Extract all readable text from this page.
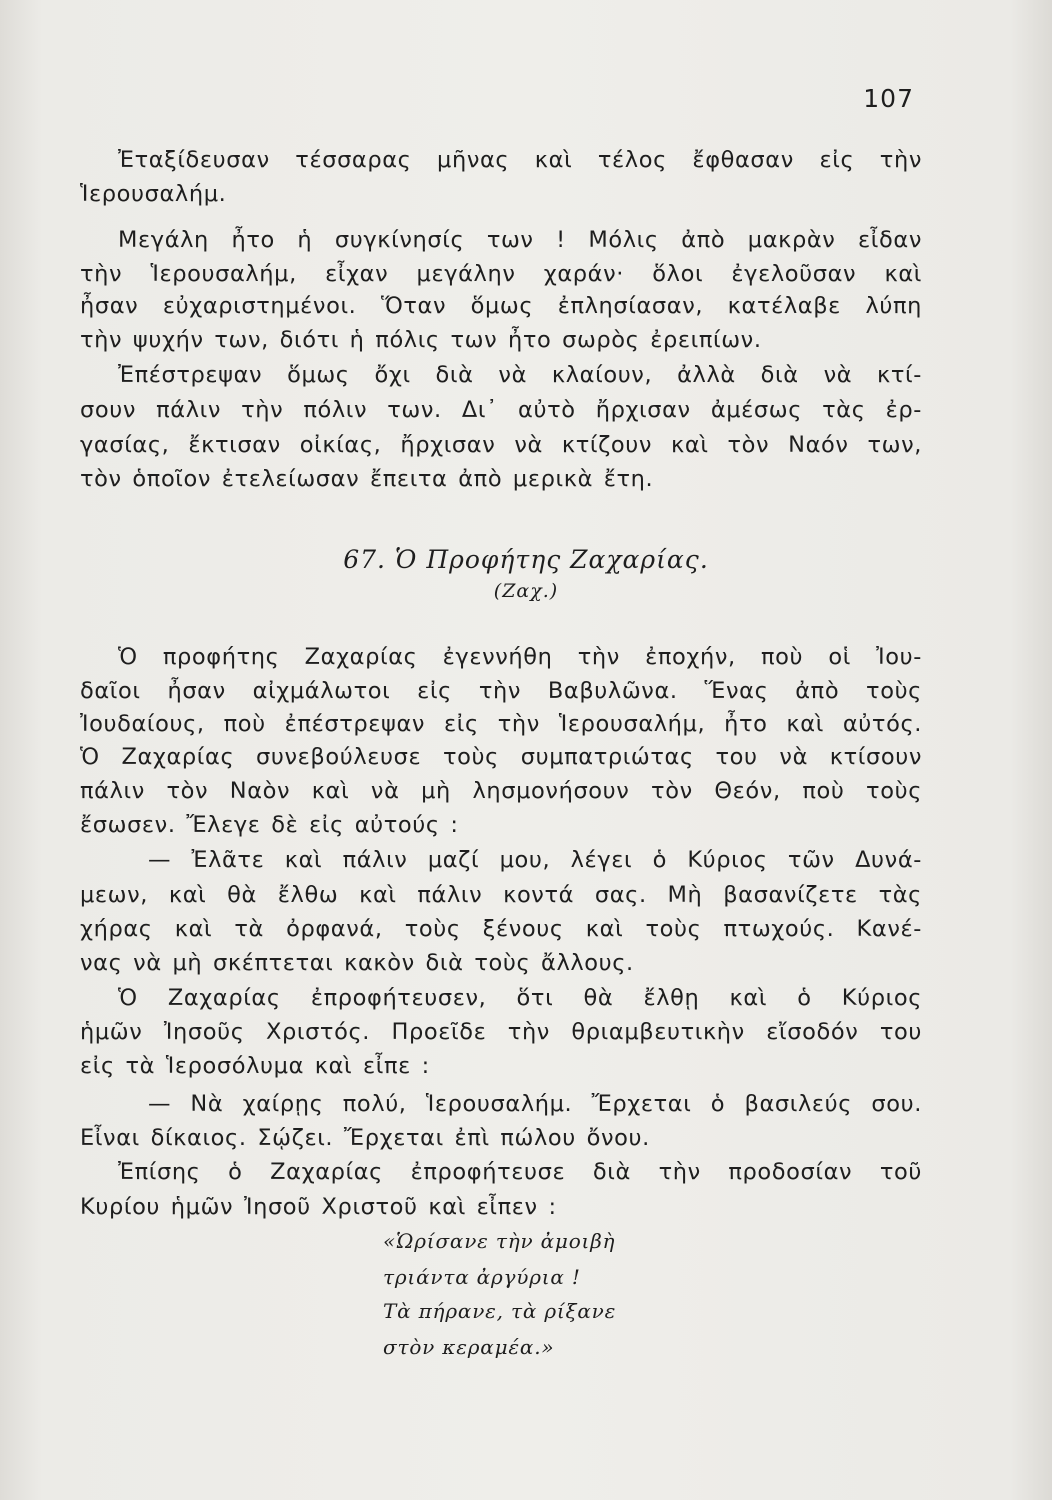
107
Ἐταξίδευσαν τέσσαρας μῆνας καὶ τέλος ἔφθασαν εἰς τὴν
Ἱερουσαλήμ.
Μεγάλη ἦτο ἡ συγκίνησίς των ! Μόλις ἀπὸ μακρὰν εἶδαν
τὴν Ἱερουσαλήμ, εἶχαν μεγάλην χαράν· ὅλοι ἐγελοῦσαν καὶ
ἦσαν εὐχαριστημένοι. Ὅταν ὅμως ἐπλησίασαν, κατέλαβε λύπη
τὴν ψυχήν των, διότι ἡ πόλις των ἦτο σωρὸς ἐρειπίων.
Ἐπέστρεψαν ὅμως ὄχι διὰ νὰ κλαίουν, ἀλλὰ διὰ νὰ κτί-
σουν πάλιν τὴν πόλιν των. Δι᾿ αὐτὸ ἤρχισαν ἀμέσως τὰς ἐρ-
γασίας, ἔκτισαν οἰκίας, ἤρχισαν νὰ κτίζουν καὶ τὸν Ναόν των,
τὸν ὁποῖον ἐτελείωσαν ἔπειτα ἀπὸ μερικὰ ἔτη.
67. Ὁ Προφήτης Ζαχαρίας.
(Ζαχ.)
Ὁ προφήτης Ζαχαρίας ἐγεννήθη τὴν ἐποχήν, ποὺ οἱ Ἰου-
δαῖοι ἦσαν αἰχμάλωτοι εἰς τὴν Βαβυλῶνα. Ἕνας ἀπὸ τοὺς
Ἰουδαίους, ποὺ ἐπέστρεψαν εἰς τὴν Ἱερουσαλήμ, ἦτο καὶ αὐτός.
Ὁ Ζαχαρίας συνεβούλευσε τοὺς συμπατριώτας του νὰ κτίσουν
πάλιν τὸν Ναὸν καὶ νὰ μὴ λησμονήσουν τὸν Θεόν, ποὺ τοὺς
ἔσωσεν. Ἔλεγε δὲ εἰς αὐτούς :
— Ἐλᾶτε καὶ πάλιν μαζί μου, λέγει ὁ Κύριος τῶν Δυνά-
μεων, καὶ θὰ ἔλθω καὶ πάλιν κοντά σας. Μὴ βασανίζετε τὰς
χήρας καὶ τὰ ὀρφανά, τοὺς ξένους καὶ τοὺς πτωχούς. Κανέ-
νας νὰ μὴ σκέπτεται κακὸν διὰ τοὺς ἄλλους.
Ὁ Ζαχαρίας ἐπροφήτευσεν, ὅτι θὰ ἔλθῃ καὶ ὁ Κύριος
ἡμῶν Ἰησοῦς Χριστός. Προεῖδε τὴν θριαμβευτικὴν εἴσοδόν του
εἰς τὰ Ἱεροσόλυμα καὶ εἶπε :
— Νὰ χαίρῃς πολύ, Ἱερουσαλήμ. Ἔρχεται ὁ βασιλεύς σου.
Εἶναι δίκαιος. Σῴζει. Ἔρχεται ἐπὶ πώλου ὄνου.
Ἐπίσης ὁ Ζαχαρίας ἐπροφήτευσε διὰ τὴν προδοσίαν τοῦ
Κυρίου ἡμῶν Ἰησοῦ Χριστοῦ καὶ εἶπεν :
«Ὡρίσανε τὴν ἀμοιβὴ
τριάντα ἀργύρια !
Τὰ πήρανε, τὰ ρίξανε
στὸν κεραμέα.»
